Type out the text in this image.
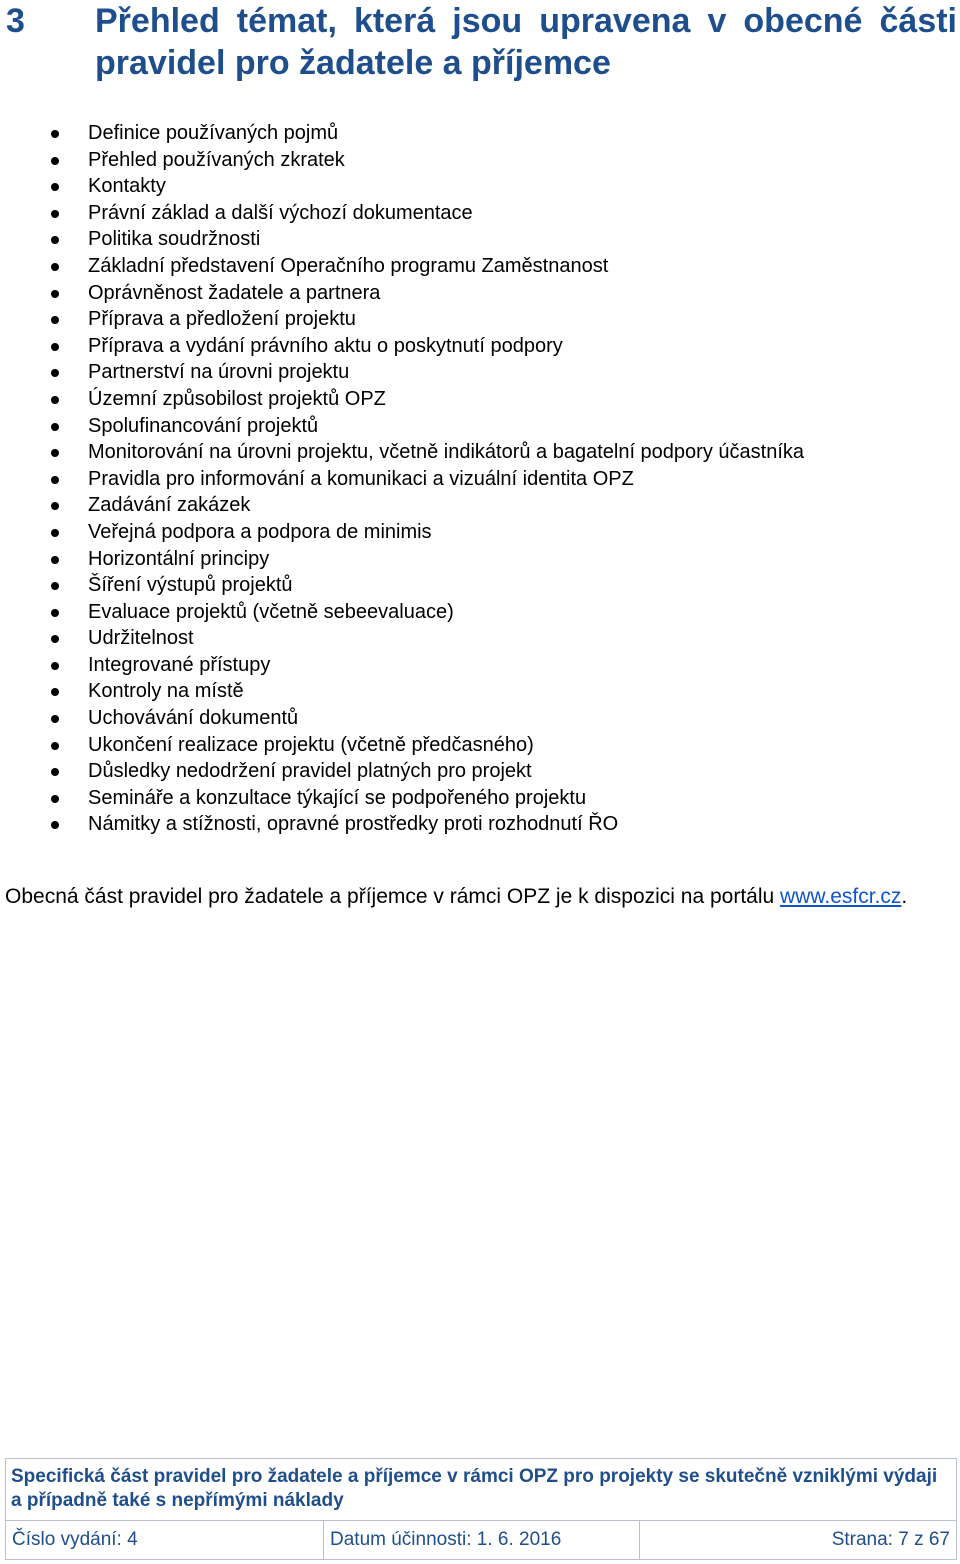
3 Přehled témat, která jsou upravena v obecné části pravidel pro žadatele a příjemce
Definice používaných pojmů
Přehled používaných zkratek
Kontakty
Právní základ a další výchozí dokumentace
Politika soudržnosti
Základní představení Operačního programu Zaměstnanost
Oprávněnost žadatele a partnera
Příprava a předložení projektu
Příprava a vydání právního aktu o poskytnutí podpory
Partnerství na úrovni projektu
Územní způsobilost projektů OPZ
Spolufinancování projektů
Monitorování na úrovni projektu, včetně indikátorů a bagatelní podpory účastníka
Pravidla pro informování a komunikaci a vizuální identita OPZ
Zadávání zakázek
Veřejná podpora a podpora de minimis
Horizontální principy
Šíření výstupů projektů
Evaluace projektů (včetně sebeevaluace)
Udržitelnost
Integrované přístupy
Kontroly na místě
Uchovávání dokumentů
Ukončení realizace projektu (včetně předčasného)
Důsledky nedodržení pravidel platných pro projekt
Semináře a konzultace týkající se podpořeného projektu
Námitky a stížnosti, opravné prostředky proti rozhodnutí ŘO

Obecná část pravidel pro žadatele a příjemce v rámci OPZ je k dispozici na portálu www.esfcr.cz.

Specifická část pravidel pro žadatele a příjemce v rámci OPZ pro projekty se skutečně vzniklými výdaji a případně také s nepřímými náklady
Číslo vydání: 4	Datum účinnosti: 1. 6. 2016	Strana: 7 z 67
